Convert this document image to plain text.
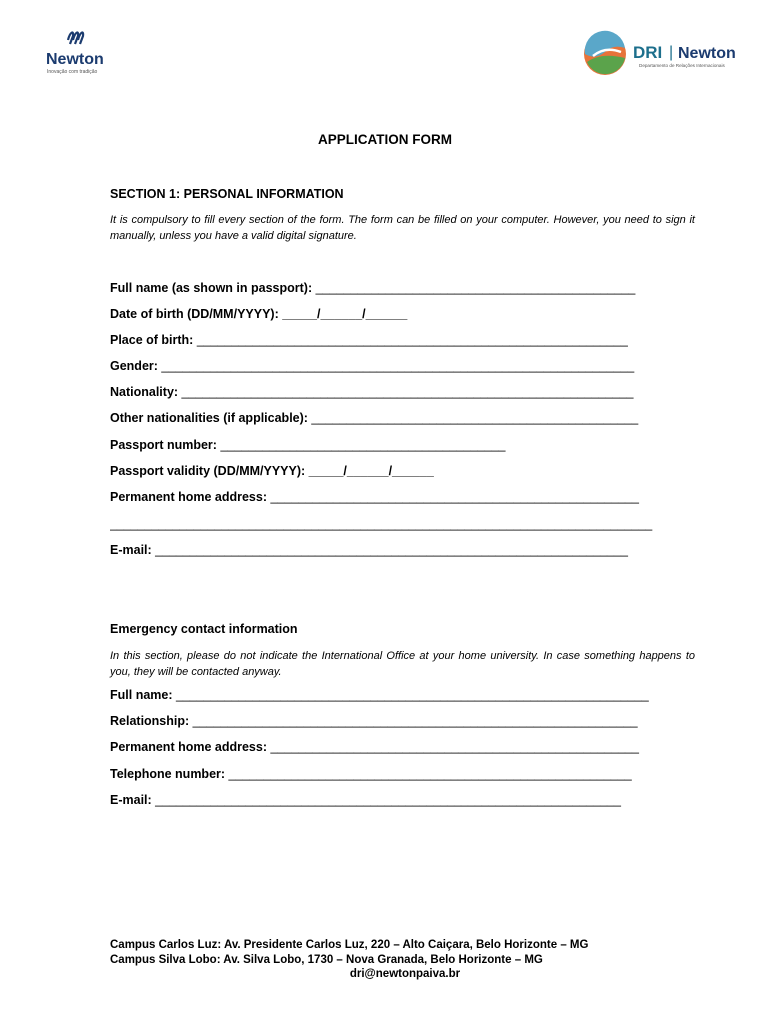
Newton
Inovação com tradição
DRI | Newton
Departamento de Relações Internacionais
APPLICATION FORM
SECTION 1: PERSONAL INFORMATION
It is compulsory to fill every section of the form. The form can be filled on your computer. However, you need to sign it manually, unless you have a valid digital signature.
Full name (as shown in passport): ______________________________________________
Date of birth (DD/MM/YYYY): _____/______/______
Place of birth: ______________________________________________________________
Gender: ____________________________________________________________________
Nationality: _________________________________________________________________
Other nationalities (if applicable): _______________________________________________
Passport number: _________________________________________
Passport validity (DD/MM/YYYY): _____/______/______
Permanent home address: _____________________________________________________
______________________________________________________________________________
E-mail: ____________________________________________________________________
Emergency contact information
In this section, please do not indicate the International Office at your home university. In case something happens to you, they will be contacted anyway.
Full name: ____________________________________________________________________
Relationship: ________________________________________________________________
Permanent home address: _____________________________________________________
Telephone number: __________________________________________________________
E-mail: ___________________________________________________________________
Campus Carlos Luz: Av. Presidente Carlos Luz, 220 – Alto Caiçara, Belo Horizonte – MG
Campus Silva Lobo: Av. Silva Lobo, 1730 – Nova Granada, Belo Horizonte – MG
dri@newtonpaiva.br
